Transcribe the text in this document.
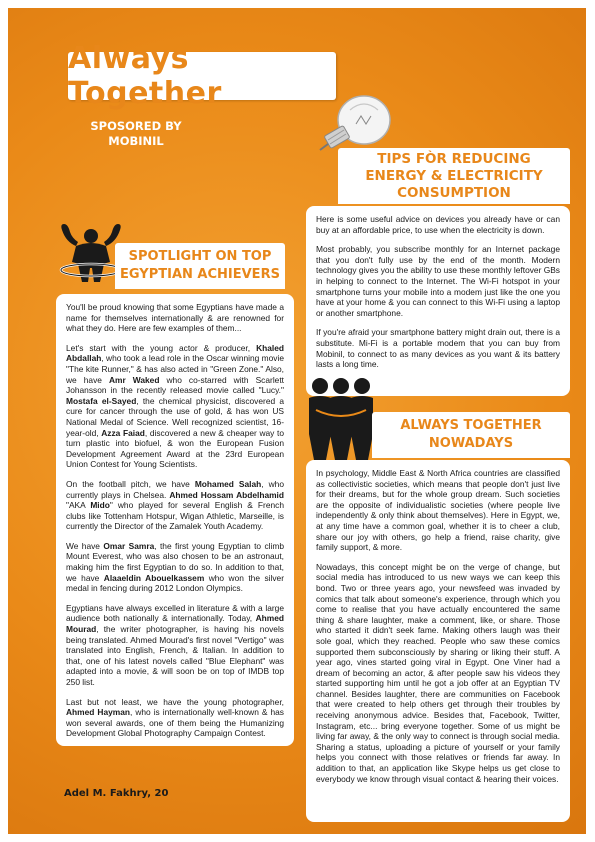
Always Together
SPOSORED BY
MOBINIL
TIPS FÒR REDUCING
ENERGY & ELECTRICITY
CONSUMPTION

Here is some useful advice on devices you already have or can buy at an affordable price, to use when the electricity is down.

Most probably, you subscribe monthly for an Internet package that you don't fully use by the end of the month. Modern technology gives you the ability to use these monthly leftover GBs in helping to connect to the Internet. The Wi-Fi hotspot in your smartphone turns your mobile into a modem just like the one you have at your home & you can connect to this Wi-Fi using a laptop or another smartphone.

If you're afraid your smartphone battery might drain out, there is a substitute. Mi-Fi is a portable modem that you can buy from Mobinil, to connect to as many devices as you want & its battery lasts a long time.

SPOTLIGHT ON TOP
EGYPTIAN ACHIEVERS

You'll be proud knowing that some Egyptians have made a name for themselves internationally & are renowned for what they do. Here are few examples of them...

Let's start with the young actor & producer, Khaled Abdallah, who took a lead role in the Oscar winning movie "The kite Runner," & has also acted in "Green Zone." Also, we have Amr Waked who co-starred with Scarlett Johansson in the recently released movie called "Lucy." Mostafa el-Sayed, the chemical physicist, discovered a cure for cancer through the use of gold, & has won US National Medal of Science. Well recognized scientist, 16-year-old, Azza Faiad, discovered a new & cheaper way to turn plastic into biofuel, & won the European Fusion Development Agreement Award at the 23rd European Union Contest for Young Scientists.

On the football pitch, we have Mohamed Salah, who currently plays in Chelsea. Ahmed Hossam Abdelhamid "AKA Mido" who played for several English & French clubs like Tottenham Hotspur, Wigan Athletic, Marseille, is currently the Director of the Zamalek Youth Academy.

We have Omar Samra, the first young Egyptian to climb Mount Everest, who was also chosen to be an astronaut, making him the first Egyptian to do so. In addition to that, we have Alaaeldin Abouelkassem who won the silver medal in fencing during 2012 London Olympics.

Egyptians have always excelled in literature & with a large audience both nationally & internationally. Today, Ahmed Mourad, the writer photographer, is having his novels being translated. Ahmed Mourad's first novel "Vertigo" was translated into English, French, & Italian. In addition to that, one of his latest novels called "Blue Elephant" was adapted into a movie, & will soon be on top of IMDB top 250 list.

Last but not least, we have the young photographer, Ahmed Hayman, who is internationally well-known & has won several awards, one of them being the Humanizing Development Global Photography Campaign Contest.

ALWAYS TOGETHER
NOWADAYS

In psychology, Middle East & North Africa countries are classified as collectivistic societies, which means that people don't just live for their dreams, but for the whole group dream. Such societies are the opposite of individualistic societies (where people live independently & only think about themselves). Here in Egypt, we, at any time have a common goal, whether it is to cheer a club, share our joy with others, go help a friend, raise charity, give family support, & more.

Nowadays, this concept might be on the verge of change, but social media has introduced to us new ways we can keep this bond. Two or three years ago, your newsfeed was invaded by comics that talk about someone's experience, through which you come to realise that you have actually encountered the same thing & share laughter, make a comment, like, or share. Those who started it didn't seek fame. Making others laugh was their sole goal, which they reached. People who saw these comics supported them subconsciously by sharing or liking their stuff. A year ago, vines started going viral in Egypt. One Viner had a dream of becoming an actor, & after people saw his videos they started supporting him until he got a job offer at an Egyptian TV channel. Besides laughter, there are communities on Facebook that were created to help others get through their troubles by receiving anonymous advice. Besides that, Facebook, Twitter, Instagram, etc... bring everyone together. Some of us might be living far away, & the only way to connect is through social media. Sharing a status, uploading a picture of yourself or your family helps you connect with those relatives or friends far away. In addition to that, an application like Skype helps us get close to everybody we know through visual contact & hearing their voices.

Adel M. Fakhry, 20
